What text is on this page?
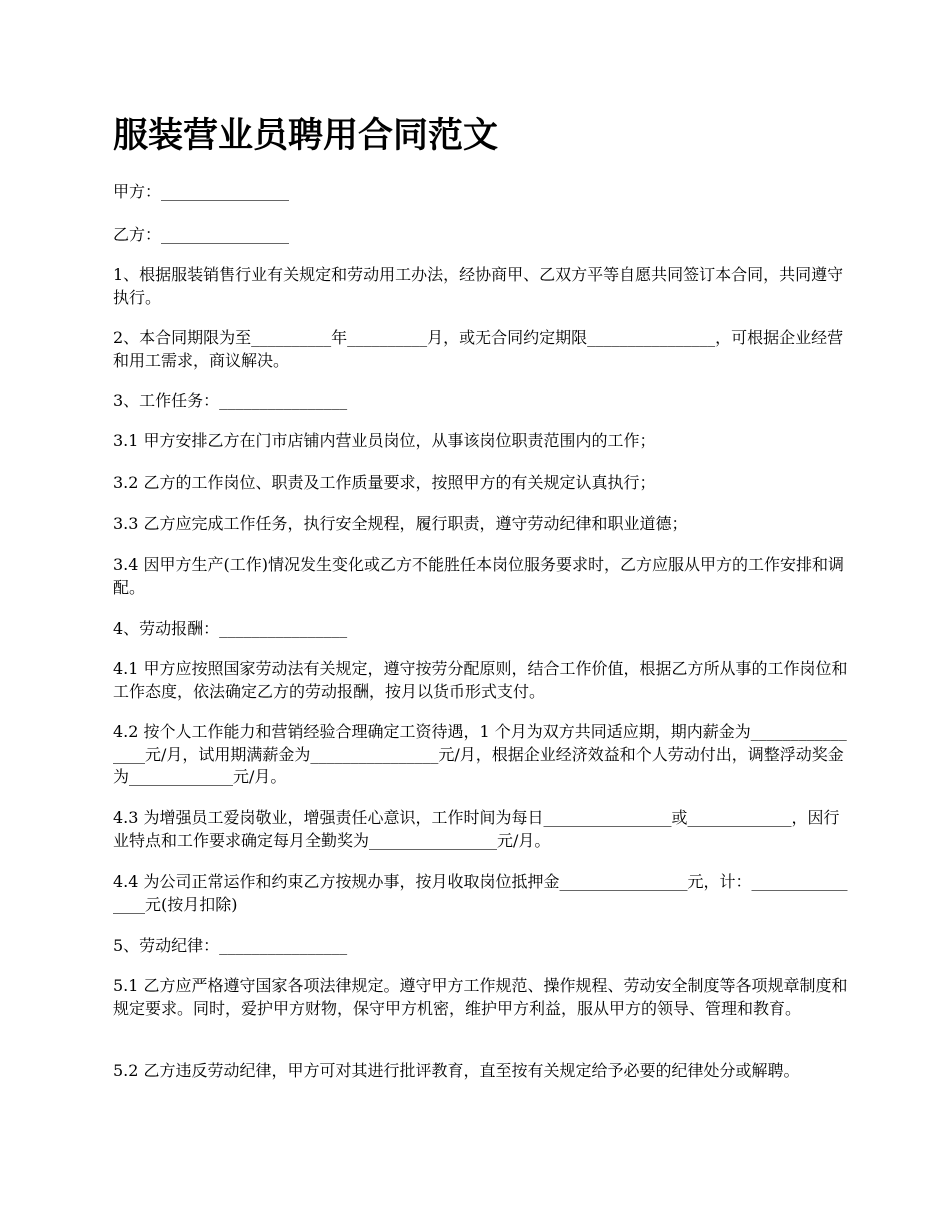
服装营业员聘用合同范文

甲方：________________

乙方：________________

1、根据服装销售行业有关规定和劳动用工办法，经协商甲、乙双方平等自愿共同签订本合同，共同遵守执行。

2、本合同期限为至__________年__________月，或无合同约定期限________________，可根据企业经营和用工需求，商议解决。

3、工作任务：________________

3.1 甲方安排乙方在门市店铺内营业员岗位，从事该岗位职责范围内的工作；

3.2 乙方的工作岗位、职责及工作质量要求，按照甲方的有关规定认真执行；

3.3 乙方应完成工作任务，执行安全规程，履行职责，遵守劳动纪律和职业道德；

3.4 因甲方生产(工作)情况发生变化或乙方不能胜任本岗位服务要求时，乙方应服从甲方的工作安排和调配。

4、劳动报酬：________________

4.1 甲方应按照国家劳动法有关规定，遵守按劳分配原则，结合工作价值，根据乙方所从事的工作岗位和工作态度，依法确定乙方的劳动报酬，按月以货币形式支付。

4.2 按个人工作能力和营销经验合理确定工资待遇，1 个月为双方共同适应期，期内薪金为________________元/月，试用期满薪金为________________元/月，根据企业经济效益和个人劳动付出，调整浮动奖金为_____________元/月。

4.3 为增强员工爱岗敬业，增强责任心意识，工作时间为每日________________或_____________，因行业特点和工作要求确定每月全勤奖为________________元/月。

4.4 为公司正常运作和约束乙方按规办事，按月收取岗位抵押金________________元，计：________________元(按月扣除)

5、劳动纪律：________________

5.1 乙方应严格遵守国家各项法律规定。遵守甲方工作规范、操作规程、劳动安全制度等各项规章制度和规定要求。同时，爱护甲方财物，保守甲方机密，维护甲方利益，服从甲方的领导、管理和教育。

5.2 乙方违反劳动纪律，甲方可对其进行批评教育，直至按有关规定给予必要的纪律处分或解聘。
